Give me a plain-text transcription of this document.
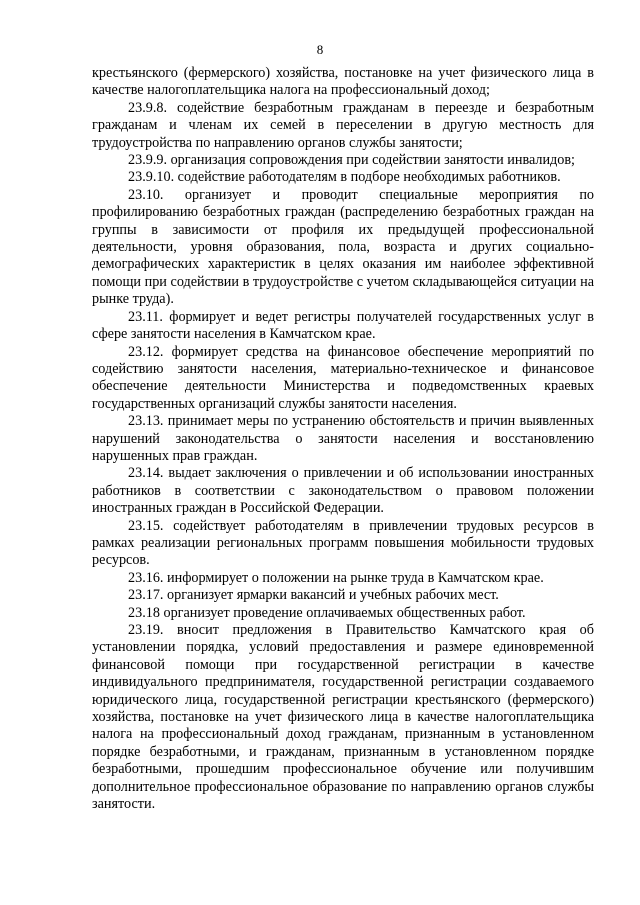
8

крестьянского (фермерского) хозяйства, постановке на учет физического лица в качестве налогоплательщика налога на профессиональный доход;

23.9.8. содействие безработным гражданам в переезде и безработным гражданам и членам их семей в переселении в другую местность для трудоустройства по направлению органов службы занятости;

23.9.9. организация сопровождения при содействии занятости инвалидов;

23.9.10. содействие работодателям в подборе необходимых работников.

23.10. организует и проводит специальные мероприятия по профилированию безработных граждан (распределению безработных граждан на группы в зависимости от профиля их предыдущей профессиональной деятельности, уровня образования, пола, возраста и других социально-демографических характеристик в целях оказания им наиболее эффективной помощи при содействии в трудоустройстве с учетом складывающейся ситуации на рынке труда).

23.11. формирует и ведет регистры получателей государственных услуг в сфере занятости населения в Камчатском крае.

23.12. формирует средства на финансовое обеспечение мероприятий по содействию занятости населения, материально-техническое и финансовое обеспечение деятельности Министерства и подведомственных краевых государственных организаций службы занятости населения.

23.13. принимает меры по устранению обстоятельств и причин выявленных нарушений законодательства о занятости населения и восстановлению нарушенных прав граждан.

23.14. выдает заключения о привлечении и об использовании иностранных работников в соответствии с законодательством о правовом положении иностранных граждан в Российской Федерации.

23.15. содействует работодателям в привлечении трудовых ресурсов в рамках реализации региональных программ повышения мобильности трудовых ресурсов.

23.16. информирует о положении на рынке труда в Камчатском крае.

23.17. организует ярмарки вакансий и учебных рабочих мест.

23.18 организует проведение оплачиваемых общественных работ.

23.19. вносит предложения в Правительство Камчатского края об установлении порядка, условий предоставления и размере единовременной финансовой помощи при государственной регистрации в качестве индивидуального предпринимателя, государственной регистрации создаваемого юридического лица, государственной регистрации крестьянского (фермерского) хозяйства, постановке на учет физического лица в качестве налогоплательщика налога на профессиональный доход гражданам, признанным в установленном порядке безработными, и гражданам, признанным в установленном порядке безработными, прошедшим профессиональное обучение или получившим дополнительное профессиональное образование по направлению органов службы занятости.
